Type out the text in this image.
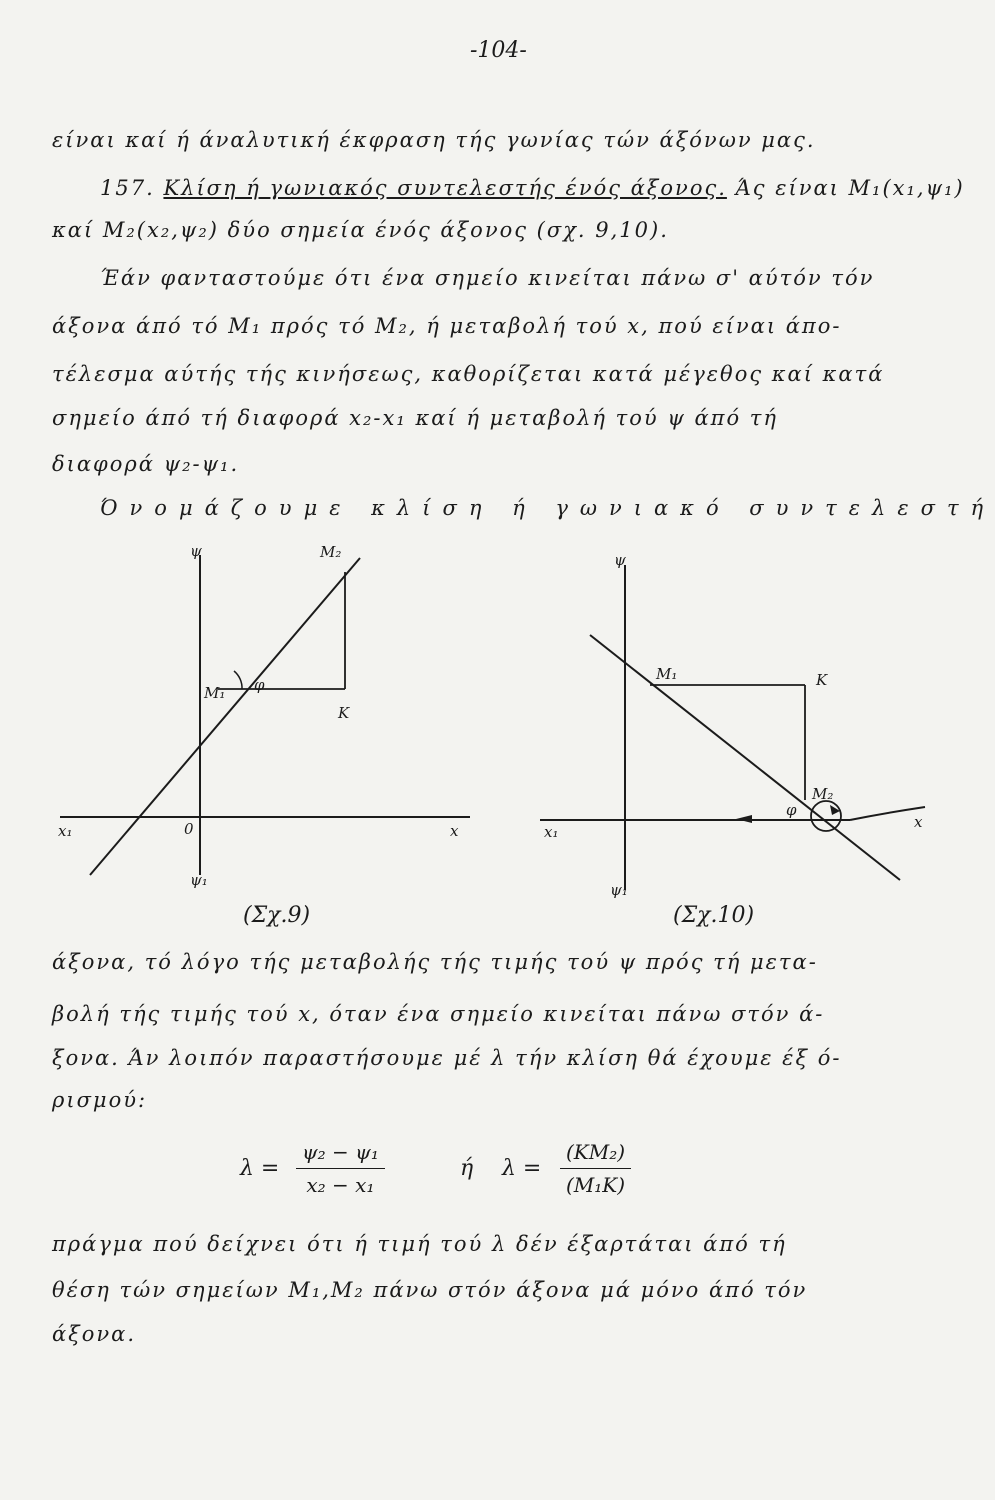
-104-
είναι καί ή άναλυτική έκφραση τής γωνίας τών άξόνων μας.
157. Κλίση ή γωνιακός συντελεστής ένός άξονος. Άς είναι M₁(x₁,ψ₁)
καί M₂(x₂,ψ₂) δύο σημεία ένός άξονος (σχ. 9,10).
Έάν φανταστούμε ότι ένα σημείο κινείται πάνω σ' αύτόν τόν
άξονα άπό τό M₁ πρός τό M₂, ή μεταβολή τού x, πού είναι άπο-
τέλεσμα αύτής τής κινήσεως, καθορίζεται κατά μέγεθος καί κατά
σημείο άπό τή διαφορά x₂-x₁ καί ή μεταβολή τού ψ άπό τή
διαφορά ψ₂-ψ₁.
Όνομάζουμε κλίση ή γωνιακό συντελεστή
ψ
ψ₁
x
x₁	0
M₁
M₂
K
φ
(Σχ.9)
ψ
ψ₁
x
x₁
M₁
M₂
K
φ
(Σχ.10)
άξονα, τό λόγο τής μεταβολής τής τιμής τού ψ πρός τή μετα-
βολή τής τιμής τού x, όταν ένα σημείο κινείται πάνω στόν ά-
ξονα. Άν λοιπόν παραστήσουμε μέ λ τήν κλίση θά έχουμε έξ ό-
ρισμού:
$\lambda = \frac{\text{ψ₂ − ψ₁}}{\text{x₂ − x₁}}$	ή $\lambda = \frac{\text{(KM₂)}}{\text{(M₁K)}}$
πράγμα πού δείχνει ότι ή τιμή τού λ δέν έξαρτάται άπό τή
θέση τών σημείων M₁,M₂ πάνω στόν άξονα μά μόνο άπό τόν
άξονα.
